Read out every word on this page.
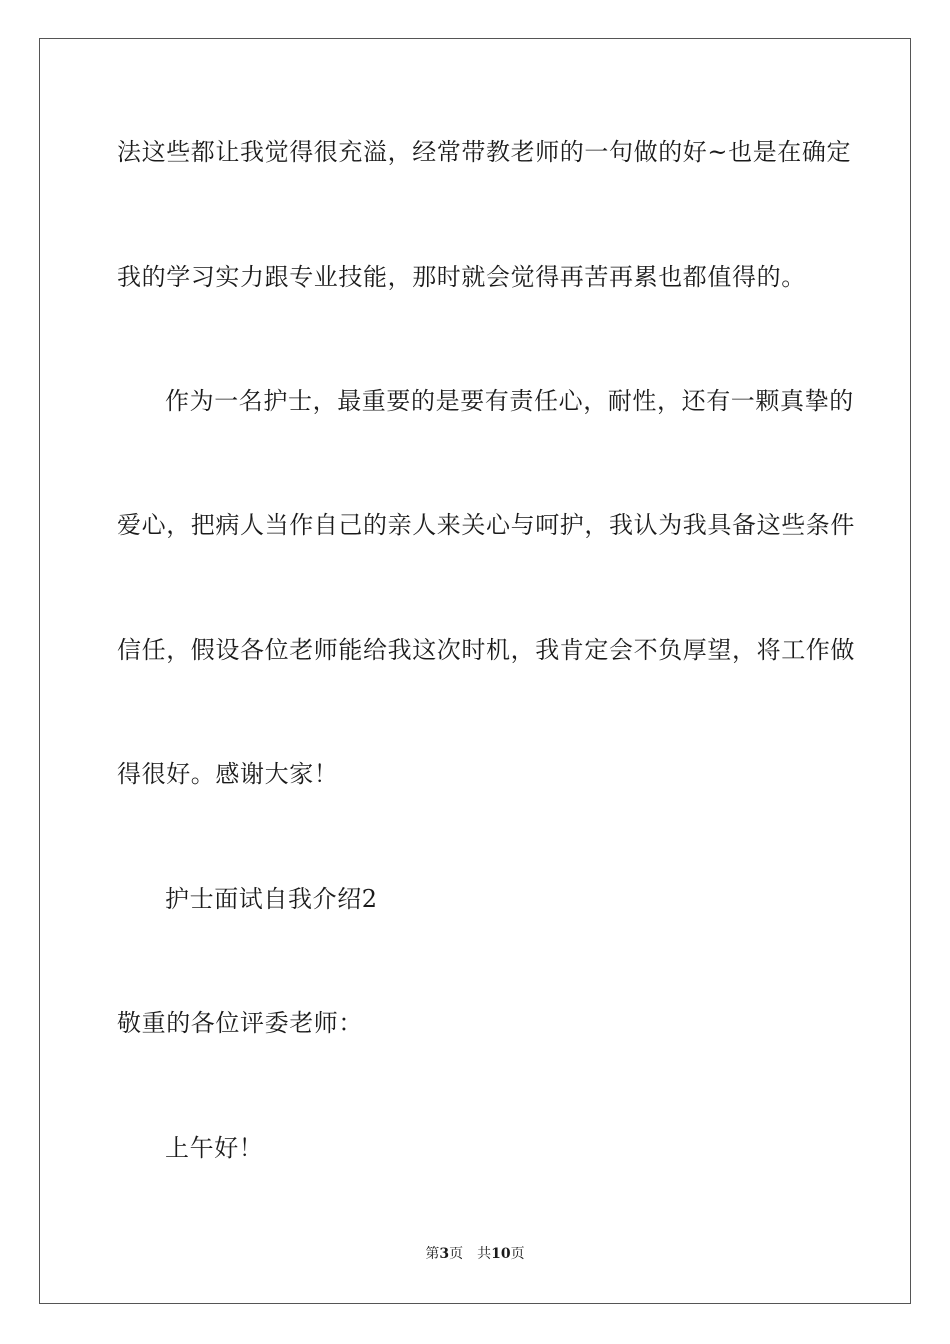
法这些都让我觉得很充溢，经常带教老师的一句做的好~也是在确定
我的学习实力跟专业技能，那时就会觉得再苦再累也都值得的。
作为一名护士，最重要的是要有责任心，耐性，还有一颗真挚的
爱心，把病人当作自己的亲人来关心与呵护，我认为我具备这些条件
信任，假设各位老师能给我这次时机，我肯定会不负厚望，将工作做
得很好。感谢大家！
护士面试自我介绍2
敬重的各位评委老师：
上午好！
第3页　共10页
